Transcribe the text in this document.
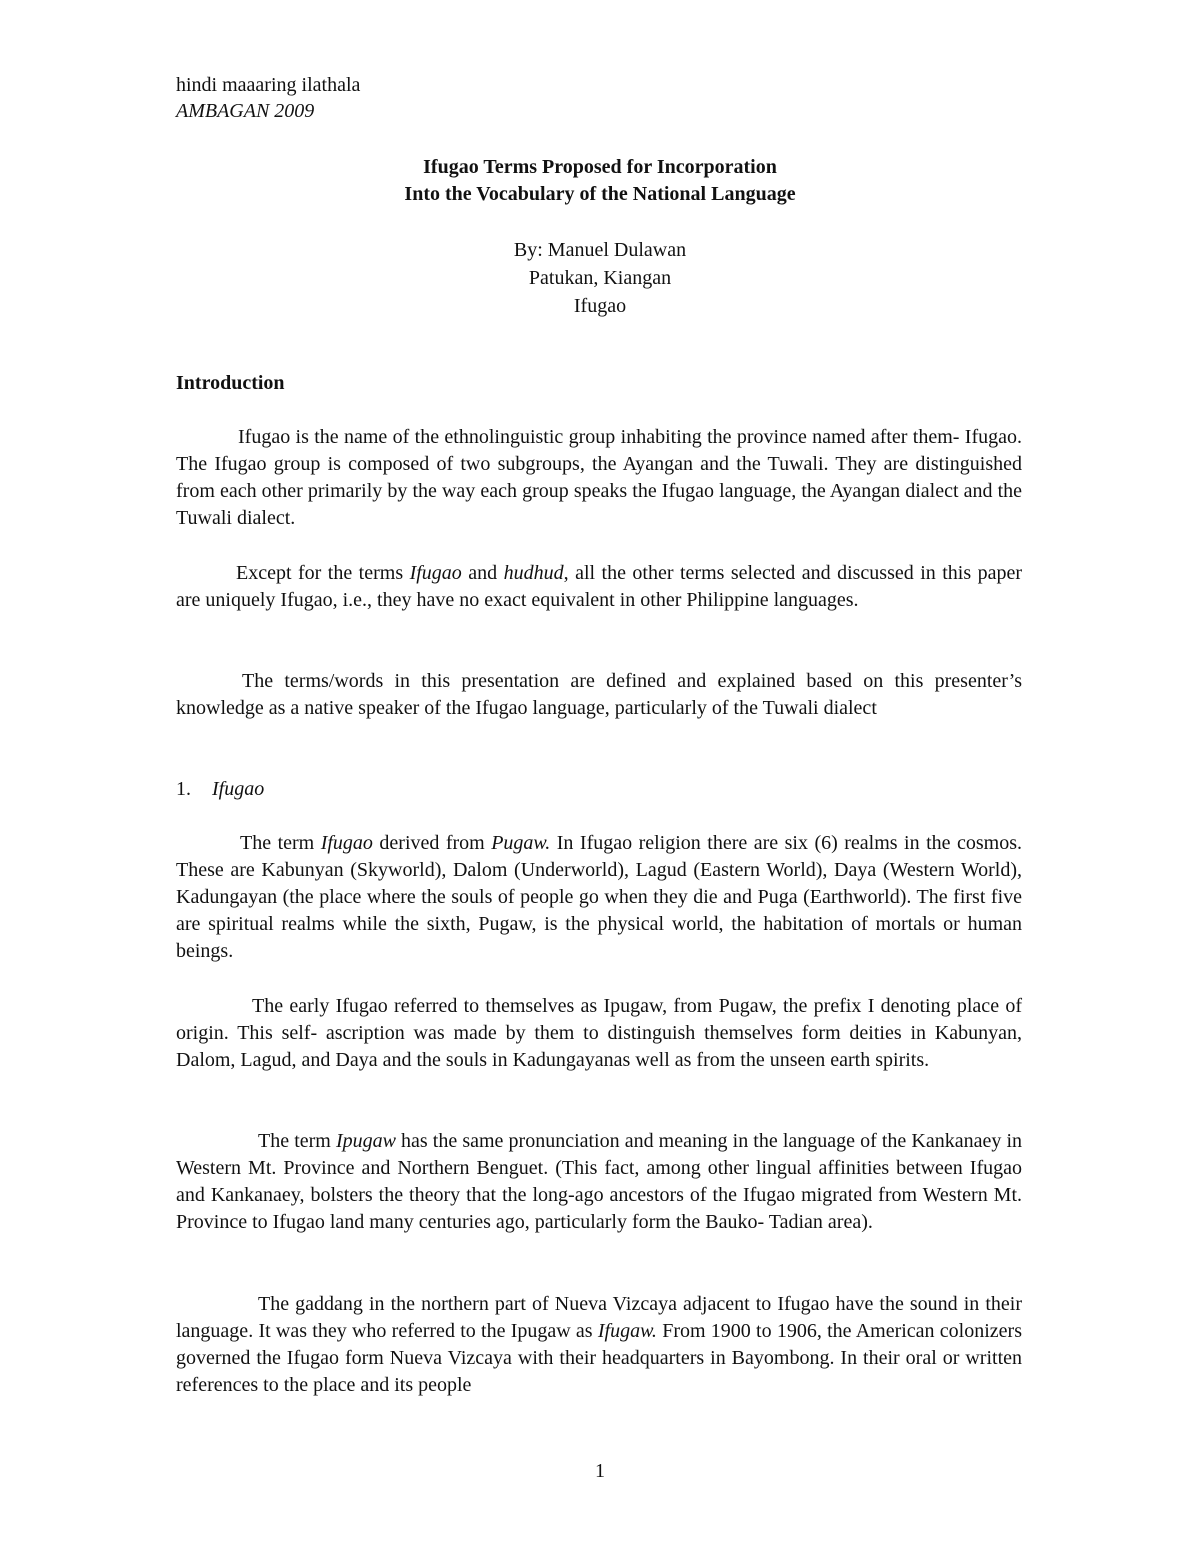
hindi maaaring ilathala
AMBAGAN 2009
Ifugao Terms Proposed for Incorporation
Into the Vocabulary of the National Language
By: Manuel Dulawan
Patukan, Kiangan
Ifugao
Introduction

Ifugao is the name of the ethnolinguistic group inhabiting the province named after them- Ifugao. The Ifugao group is composed of two subgroups, the Ayangan and the Tuwali. They are distinguished from each other primarily by the way each group speaks the Ifugao language, the Ayangan dialect and the Tuwali dialect.

Except for the terms Ifugao and hudhud, all the other terms selected and discussed in this paper are uniquely Ifugao, i.e., they have no exact equivalent in other Philippine languages.

The terms/words in this presentation are defined and explained based on this presenter’s knowledge as a native speaker of the Ifugao language, particularly of the Tuwali dialect

1. Ifugao

The term Ifugao derived from Pugaw. In Ifugao religion there are six (6) realms in the cosmos. These are Kabunyan (Skyworld), Dalom (Underworld), Lagud (Eastern World), Daya (Western World), Kadungayan (the place where the souls of people go when they die and Puga (Earthworld). The first five are spiritual realms while the sixth, Pugaw, is the physical world, the habitation of mortals or human beings.

The early Ifugao referred to themselves as Ipugaw, from Pugaw, the prefix I denoting place of origin. This self- ascription was made by them to distinguish themselves form deities in Kabunyan, Dalom, Lagud, and Daya and the souls in Kadungayanas well as from the unseen earth spirits.

The term Ipugaw has the same pronunciation and meaning in the language of the Kankanaey in Western Mt. Province and Northern Benguet. (This fact, among other lingual affinities between Ifugao and Kankanaey, bolsters the theory that the long-ago ancestors of the Ifugao migrated from Western Mt. Province to Ifugao land many centuries ago, particularly form the Bauko- Tadian area).

The gaddang in the northern part of Nueva Vizcaya adjacent to Ifugao have the sound in their language. It was they who referred to the Ipugaw as Ifugaw. From 1900 to 1906, the American colonizers governed the Ifugao form Nueva Vizcaya with their headquarters in Bayombong. In their oral or written references to the place and its people

1
